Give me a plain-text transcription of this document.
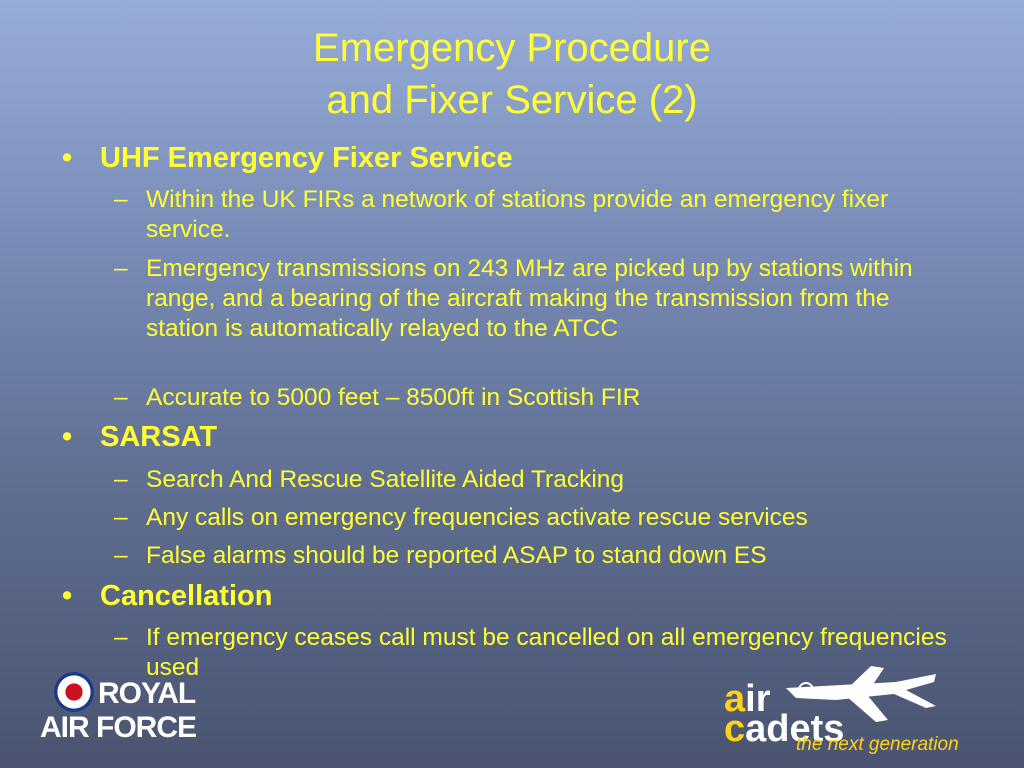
Emergency Procedure
and Fixer Service (2)
• UHF Emergency Fixer Service
– Within the UK FIRs a network of stations provide an emergency fixer service.
– Emergency transmissions on 243 MHz are picked up by stations within range, and a bearing of the aircraft making the transmission from the station is automatically relayed to the ATCC
– Accurate to 5000 feet – 8500ft in Scottish FIR
• SARSAT
– Search And Rescue Satellite Aided Tracking
– Any calls on emergency frequencies activate rescue services
– False alarms should be reported ASAP to stand down ES
• Cancellation
– If emergency ceases call must be cancelled on all emergency frequencies used
ROYAL
AIR FORCE
air
cadets
the next generation
